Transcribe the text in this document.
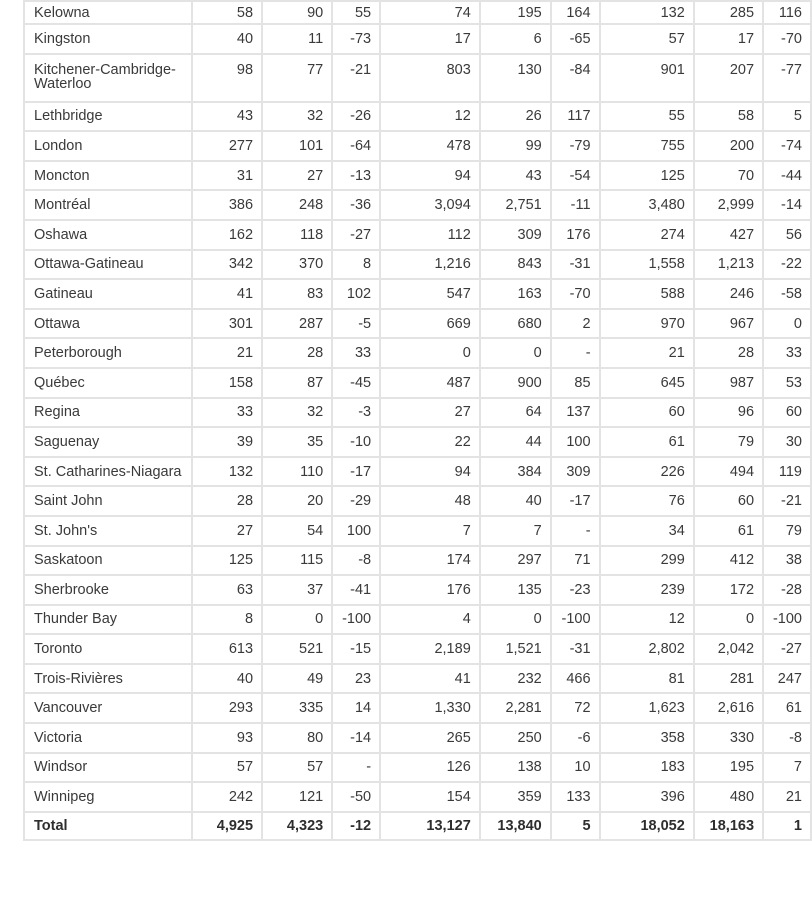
Kelowna	58	90	55	74	195	164	132	285	116
Kingston	40	11	-73	17	6	-65	57	17	-70
Kitchener-Cambridge-Waterloo	98	77	-21	803	130	-84	901	207	-77
Lethbridge	43	32	-26	12	26	117	55	58	5
London	277	101	-64	478	99	-79	755	200	-74
Moncton	31	27	-13	94	43	-54	125	70	-44
Montréal	386	248	-36	3,094	2,751	-11	3,480	2,999	-14
Oshawa	162	118	-27	112	309	176	274	427	56
Ottawa-Gatineau	342	370	8	1,216	843	-31	1,558	1,213	-22
Gatineau	41	83	102	547	163	-70	588	246	-58
Ottawa	301	287	-5	669	680	2	970	967	0
Peterborough	21	28	33	0	0	-	21	28	33
Québec	158	87	-45	487	900	85	645	987	53
Regina	33	32	-3	27	64	137	60	96	60
Saguenay	39	35	-10	22	44	100	61	79	30
St. Catharines-Niagara	132	110	-17	94	384	309	226	494	119
Saint John	28	20	-29	48	40	-17	76	60	-21
St. John's	27	54	100	7	7	-	34	61	79
Saskatoon	125	115	-8	174	297	71	299	412	38
Sherbrooke	63	37	-41	176	135	-23	239	172	-28
Thunder Bay	8	0	-100	4	0	-100	12	0	-100
Toronto	613	521	-15	2,189	1,521	-31	2,802	2,042	-27
Trois-Rivières	40	49	23	41	232	466	81	281	247
Vancouver	293	335	14	1,330	2,281	72	1,623	2,616	61
Victoria	93	80	-14	265	250	-6	358	330	-8
Windsor	57	57	-	126	138	10	183	195	7
Winnipeg	242	121	-50	154	359	133	396	480	21
Total	4,925	4,323	-12	13,127	13,840	5	18,052	18,163	1
